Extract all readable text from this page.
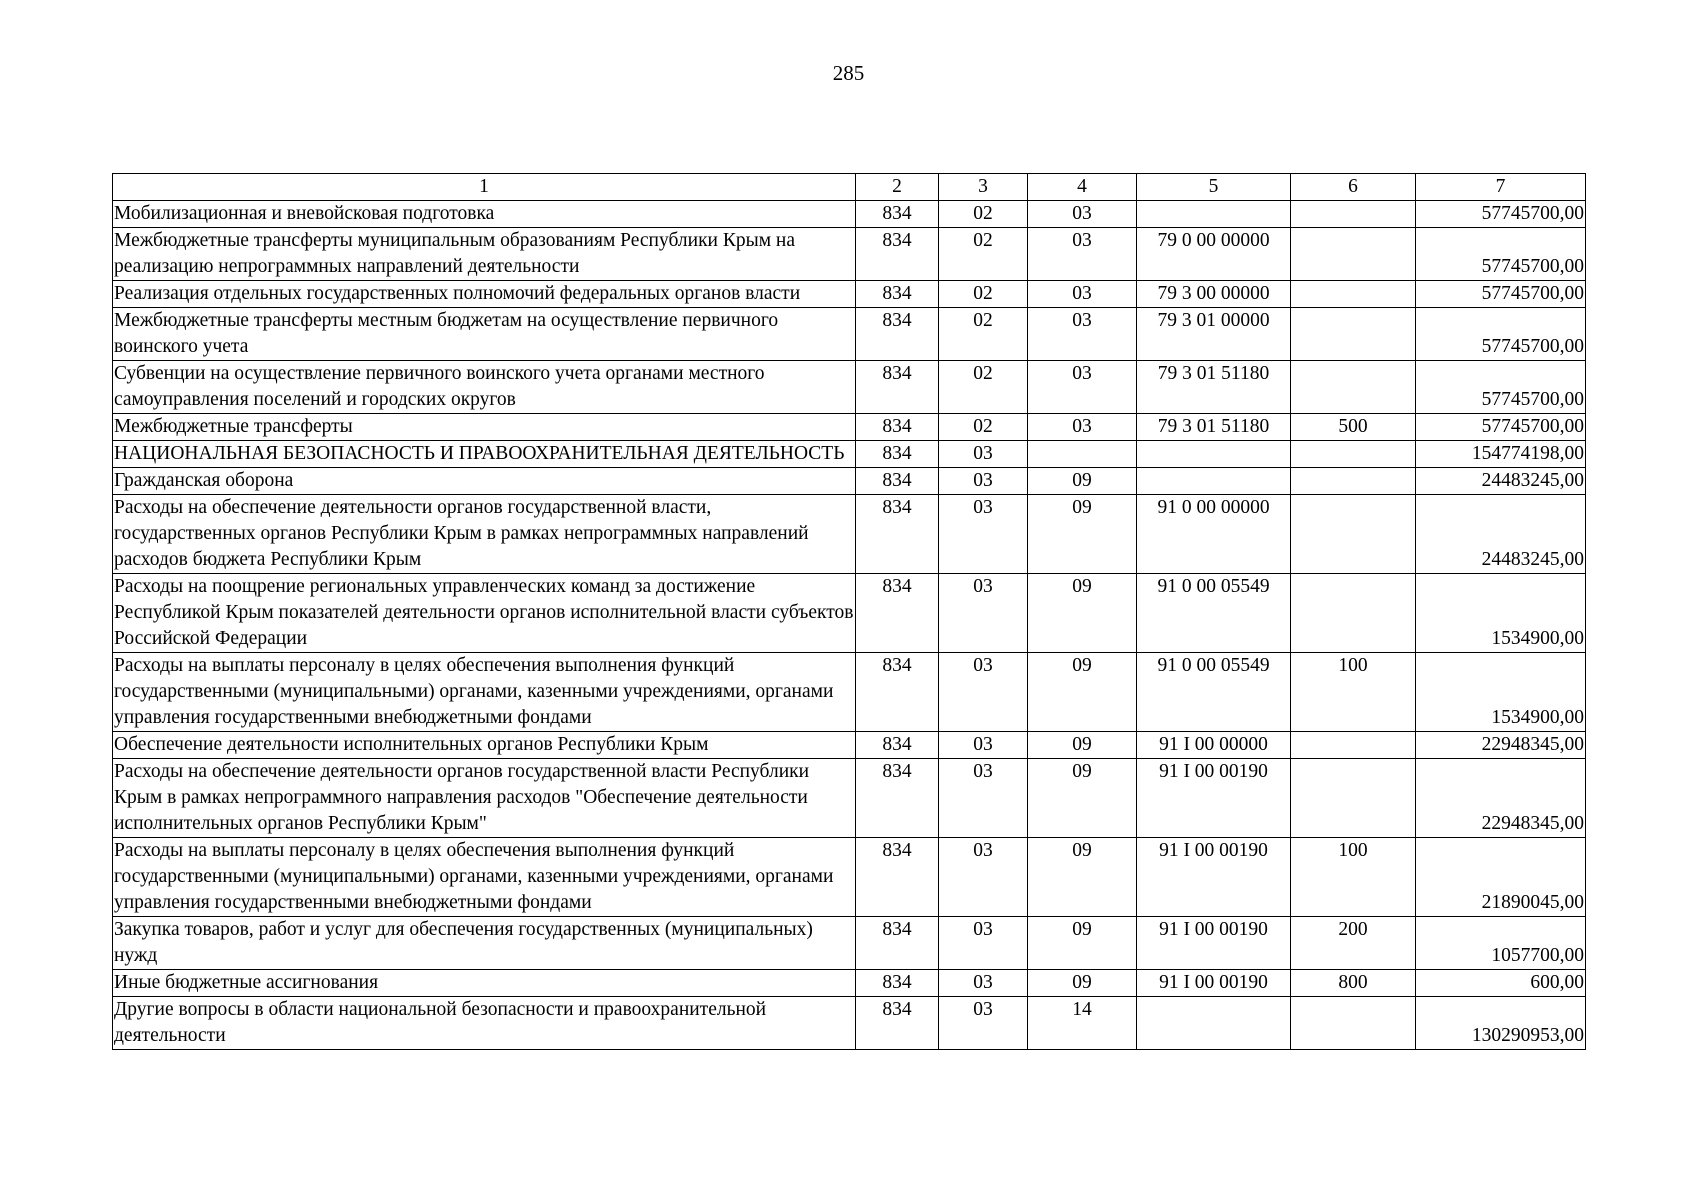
285
1	2	3	4	5	6	7
Мобилизационная и вневойсковая подготовка	834	02	03			57745700,00
Межбюджетные трансферты муниципальным образованиям Республики Крым на реализацию непрограммных направлений деятельности	834	02	03	79 0 00 00000		57745700,00
Реализация отдельных государственных полномочий федеральных органов власти	834	02	03	79 3 00 00000		57745700,00
Межбюджетные трансферты местным бюджетам на осуществление первичного воинского учета	834	02	03	79 3 01 00000		57745700,00
Субвенции на осуществление первичного воинского учета органами местного самоуправления поселений и городских округов	834	02	03	79 3 01 51180		57745700,00
Межбюджетные трансферты	834	02	03	79 3 01 51180	500	57745700,00
НАЦИОНАЛЬНАЯ БЕЗОПАСНОСТЬ И ПРАВООХРАНИТЕЛЬНАЯ ДЕЯТЕЛЬНОСТЬ	834	03				154774198,00
Гражданская оборона	834	03	09			24483245,00
Расходы на обеспечение деятельности органов государственной власти, государственных органов Республики Крым в рамках непрограммных направлений расходов бюджета Республики Крым	834	03	09	91 0 00 00000		24483245,00
Расходы на поощрение региональных управленческих команд за достижение Республикой Крым показателей деятельности органов исполнительной власти субъектов Российской Федерации	834	03	09	91 0 00 05549		1534900,00
Расходы на выплаты персоналу в целях обеспечения выполнения функций государственными (муниципальными) органами, казенными учреждениями, органами управления государственными внебюджетными фондами	834	03	09	91 0 00 05549	100	1534900,00
Обеспечение деятельности исполнительных органов Республики Крым	834	03	09	91 I 00 00000		22948345,00
Расходы на обеспечение деятельности органов государственной власти Республики Крым в рамках непрограммного направления расходов "Обеспечение деятельности исполнительных органов Республики Крым"	834	03	09	91 I 00 00190		22948345,00
Расходы на выплаты персоналу в целях обеспечения выполнения функций государственными (муниципальными) органами, казенными учреждениями, органами управления государственными внебюджетными фондами	834	03	09	91 I 00 00190	100	21890045,00
Закупка товаров, работ и услуг для обеспечения государственных (муниципальных) нужд	834	03	09	91 I 00 00190	200	1057700,00
Иные бюджетные ассигнования	834	03	09	91 I 00 00190	800	600,00
Другие вопросы в области национальной безопасности и правоохранительной деятельности	834	03	14			130290953,00
